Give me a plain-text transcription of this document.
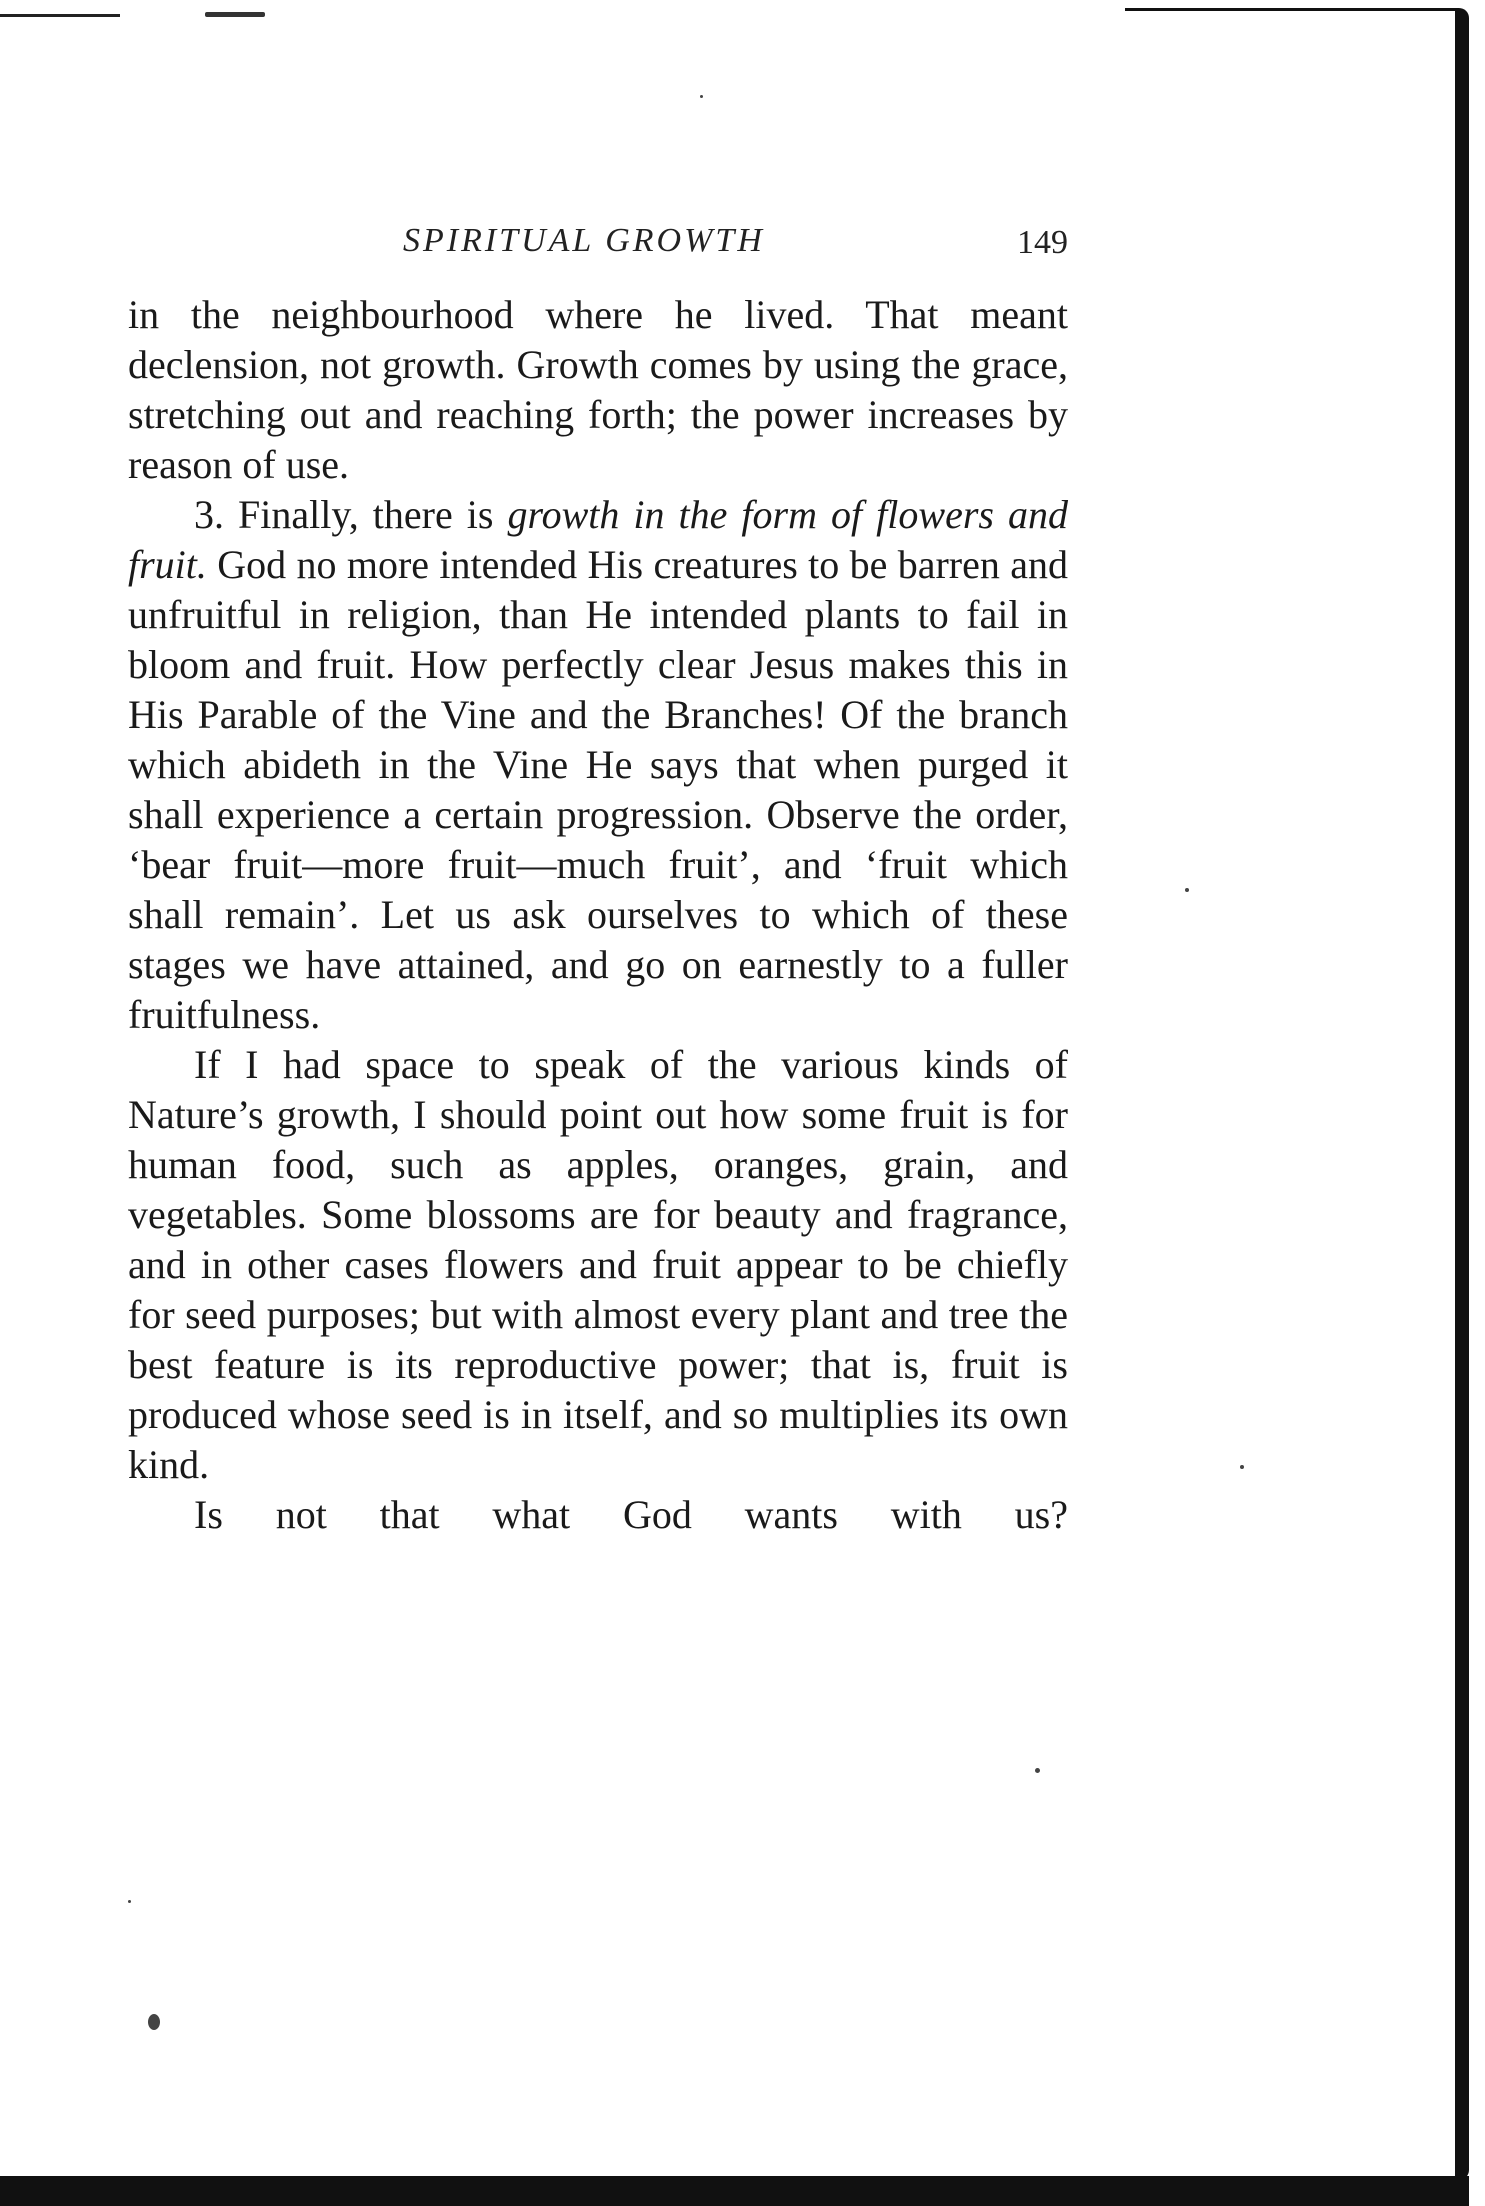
SPIRITUAL GROWTH	149

in the neighbourhood where he lived. That meant declension, not growth. Growth comes by using the grace, stretching out and reaching forth; the power increases by reason of use.

3. Finally, there is growth in the form of flowers and fruit. God no more intended His creatures to be barren and unfruitful in religion, than He intended plants to fail in bloom and fruit. How perfectly clear Jesus makes this in His Parable of the Vine and the Branches! Of the branch which abideth in the Vine He says that when purged it shall experience a certain progression. Observe the order, ‘bear fruit—more fruit—much fruit’, and ‘fruit which shall remain’. Let us ask ourselves to which of these stages we have attained, and go on earnestly to a fuller fruitfulness.

If I had space to speak of the various kinds of Nature’s growth, I should point out how some fruit is for human food, such as apples, oranges, grain, and vegetables. Some blossoms are for beauty and fragrance, and in other cases flowers and fruit appear to be chiefly for seed purposes; but with almost every plant and tree the best feature is its reproductive power; that is, fruit is produced whose seed is in itself, and so multiplies its own kind.

Is not that what God wants with us?
